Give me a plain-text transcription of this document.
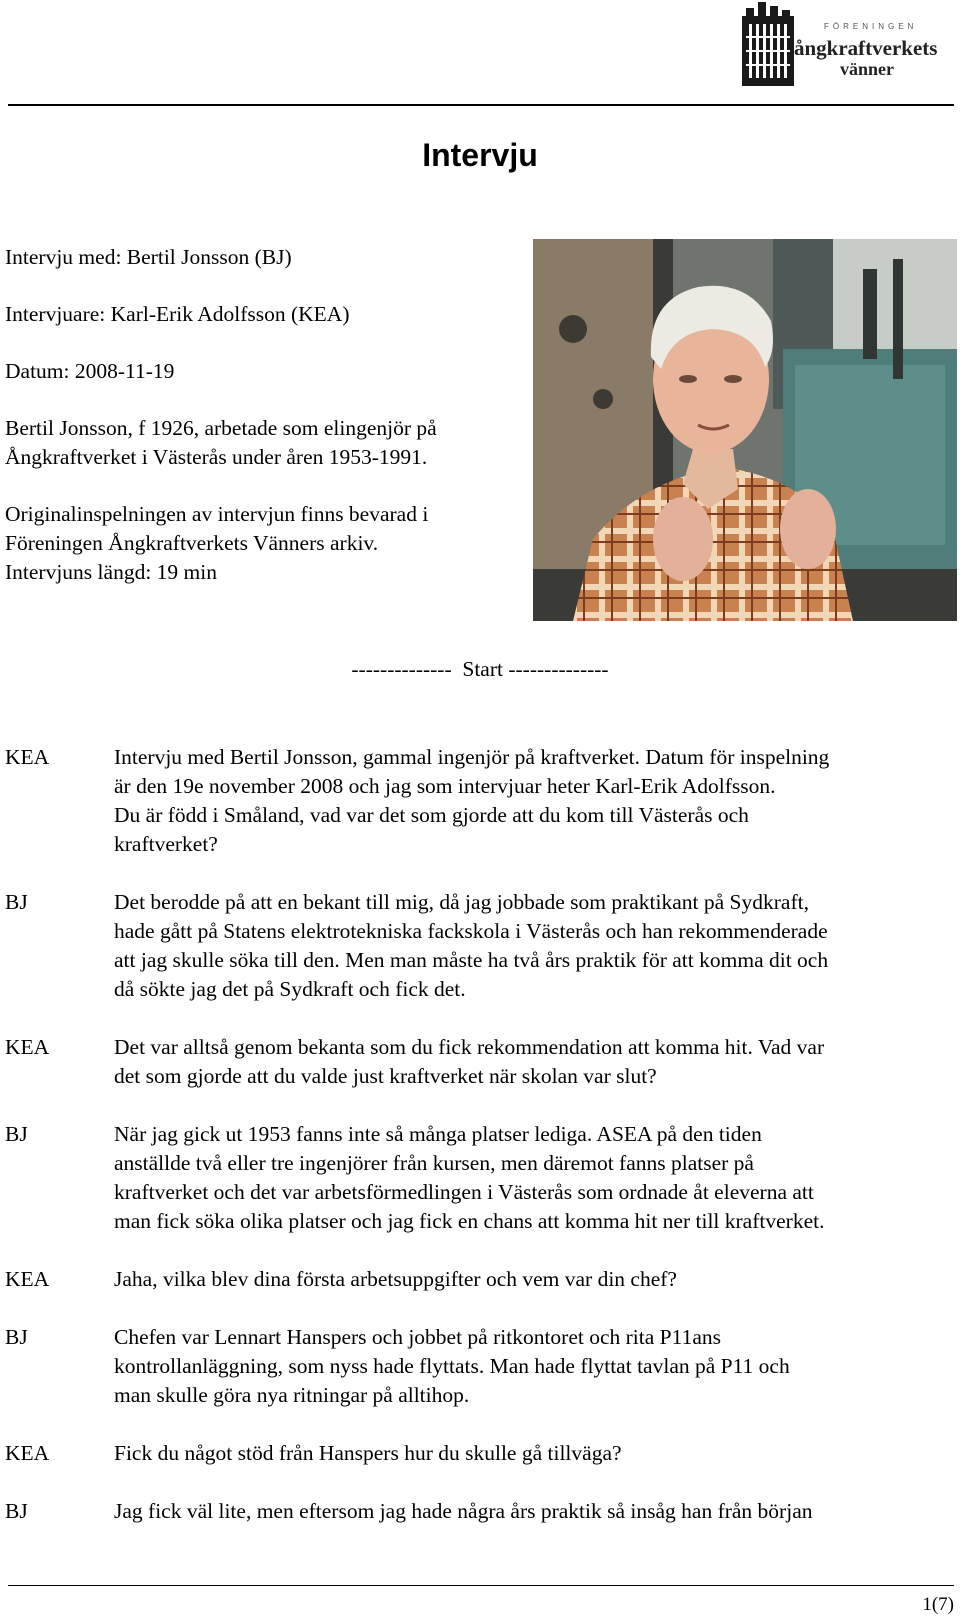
FÖRENINGEN
ångkraftverkets
vänner
Intervju
Intervju med: Bertil Jonsson (BJ)
Intervjuare: Karl-Erik Adolfsson (KEA)
Datum: 2008-11-19
Bertil Jonsson, f 1926, arbetade som elingenjör på
Ångkraftverket i Västerås under åren 1953-1991.
Originalinspelningen av intervjun finns bevarad i
Föreningen Ångkraftverkets Vänners arkiv.
Intervjuns längd: 19 min
--------------  Start --------------
KEA	Intervju med Bertil Jonsson, gammal ingenjör på kraftverket. Datum för inspelning
är den 19e november 2008 och jag som intervjuar heter Karl-Erik Adolfsson.
Du är född i Småland, vad var det som gjorde att du kom till Västerås och
kraftverket?
BJ	Det berodde på att en bekant till mig, då jag jobbade som praktikant på Sydkraft,
hade gått på Statens elektrotekniska fackskola i Västerås och han rekommenderade
att jag skulle söka till den. Men man måste ha två års praktik för att komma dit och
då sökte jag det på Sydkraft och fick det.
KEA	Det var alltså genom bekanta som du fick rekommendation att komma hit. Vad var
det som gjorde att du valde just kraftverket när skolan var slut?
BJ	När jag gick ut 1953 fanns inte så många platser lediga. ASEA på den tiden
anställde två eller tre ingenjörer från kursen, men däremot fanns platser på
kraftverket och det var arbetsförmedlingen i Västerås som ordnade åt eleverna att
man fick söka olika platser och jag fick en chans att komma hit ner till kraftverket.
KEA	Jaha, vilka blev dina första arbetsuppgifter och vem var din chef?
BJ	Chefen var Lennart Hanspers och jobbet på ritkontoret och rita P11ans
kontrollanläggning, som nyss hade flyttats. Man hade flyttat tavlan på P11 och
man skulle göra nya ritningar på alltihop.
KEA	Fick du något stöd från Hanspers hur du skulle gå tillväga?
BJ	Jag fick väl lite, men eftersom jag hade några års praktik så insåg han från början
1(7)
